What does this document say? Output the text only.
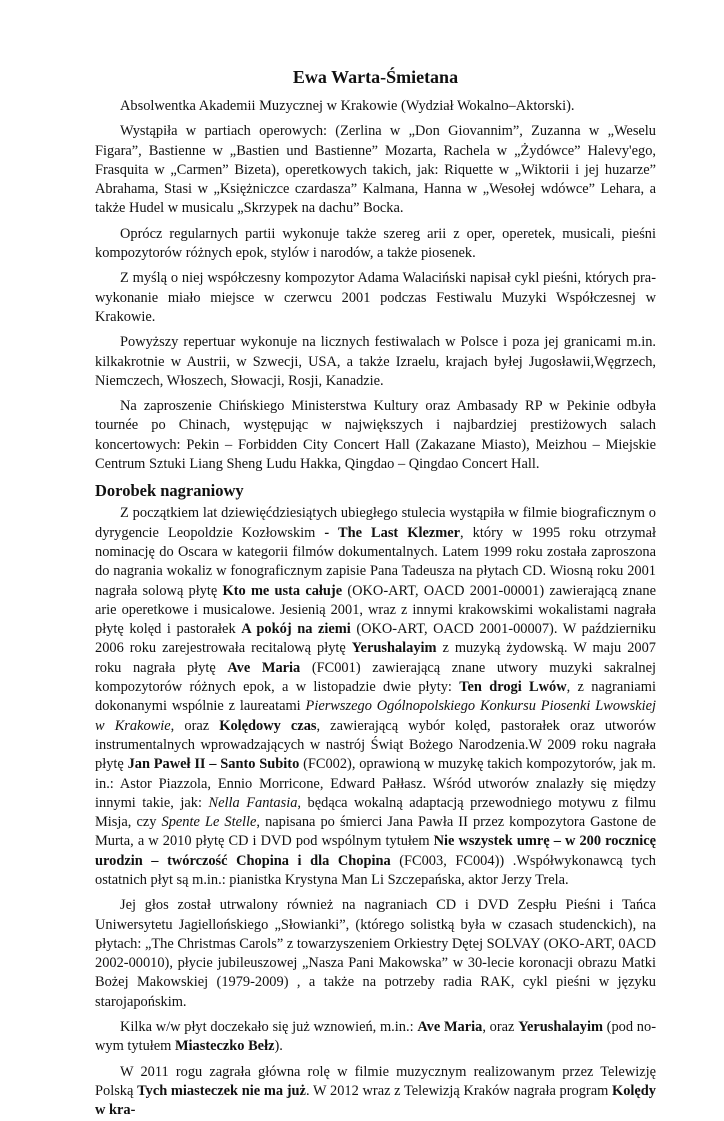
Ewa Warta-Śmietana

Absolwentka Akademii Muzycznej w Krakowie (Wydział Wokalno–Aktorski).

Wystąpiła w partiach operowych: (Zerlina w „Don Giovannim”, Zuzanna w „Weselu Figara”, Bastienne w „Bastien und Bastienne” Mozarta, Rachela w „Żydówce” Halevy'ego, Frasquita w „Carmen” Bizeta), operetkowych takich, jak: Riquette w „Wiktorii i jej huzarze” Abrahama, Stasi w „Księżniczce czardasza” Kalmana, Hanna w „Wesołej wdówce” Lehara, a także Hudel w musicalu „Skrzypek na dachu” Bocka.

Oprócz regularnych partii wykonuje także szereg arii z oper, operetek, musicali, pieśni kompozytorów różnych epok, stylów i narodów, a także piosenek.

Z myślą o niej współczesny kompozytor Adama Walaciński napisał cykl pieśni, których prawykonanie miało miejsce w czerwcu 2001 podczas Festiwalu Muzyki Współczesnej w Krakowie.

Powyższy repertuar wykonuje na licznych festiwalach w Polsce i poza jej granicami m.in. kilkakrotnie w Austrii, w Szwecji, USA, a także Izraelu, krajach byłej Jugosławii,Węgrzech, Niemczech, Włoszech, Słowacji, Rosji, Kanadzie.

Na zaproszenie Chińskiego Ministerstwa Kultury oraz Ambasady RP w Pekinie odbyła tournée po Chinach, występując w największych i najbardziej prestiżowych salach koncertowych: Pekin – Forbidden City Concert Hall (Zakazane Miasto), Meizhou – Miejskie Centrum Sztuki Liang Sheng Ludu Hakka, Qingdao – Qingdao Concert Hall.

Dorobek nagraniowy

Z początkiem lat dziewięćdziesiątych ubiegłego stulecia wystąpiła w filmie biograficznym o dyrygencie Leopoldzie Kozłowskim - The Last Klezmer, który w 1995 roku otrzymał nominację do Oscara w kategorii filmów dokumentalnych. Latem 1999 roku została zaproszona do nagrania wokaliz w fonograficznym zapisie Pana Tadeusza na płytach CD. Wiosną roku 2001 nagrała solową płytę Kto me usta całuje (OKO-ART, OACD 2001-00001) zawierającą znane arie operetkowe i musicalowe. Jesienią 2001, wraz z innymi krakowskimi wokalistami nagrała płytę kolęd i pastorałek A pokój na ziemi (OKO-ART, OACD 2001-00007). W październiku 2006 roku zarejestrowała recitalową płytę Yerushalayim z muzyką żydowską. W maju 2007 roku nagrała płytę Ave Maria (FC001) zawierającą znane utwory muzyki sakralnej kompozytorów różnych epok, a w listopadzie dwie płyty: Ten drogi Lwów, z nagraniami dokonanymi wspólnie z laureatami Pierwszego Ogólnopolskiego Konkursu Piosenki Lwowskiej w Krakowie, oraz Kolędowy czas, zawierającą wybór kolęd, pastorałek oraz utworów instrumentalnych wprowadzających w nastrój Świąt Bożego Narodzenia.W 2009 roku nagrała płytę Jan Paweł II – Santo Subito (FC002), oprawioną w muzykę takich kompozytorów, jak m. in.: Astor Piazzola, Ennio Morricone, Edward Pałłasz. Wśród utworów znalazły się między innymi takie, jak: Nella Fantasia, będąca wokalną adaptacją przewodniego motywu z filmu Misja, czy Spente Le Stelle, napisana po śmierci Jana Pawła II przez kompozytora Gastone de Murta, a w 2010 płytę CD i DVD pod wspólnym tytułem Nie wszystek umrę – w 200 rocznicę urodzin – twórczość Chopina i dla Chopina (FC003, FC004)) .Współwykonawcą tych ostatnich płyt są m.in.: pianistka Krystyna Man Li Szczepańska, aktor Jerzy Trela.

Jej głos został utrwalony również na nagraniach CD i DVD Zespłu Pieśni i Tańca Uniwersytetu Jagiellońskiego „Słowianki”, (którego solistką była w czasach studenckich), na płytach: „The Christmas Carols” z towarzyszeniem Orkiestry Dętej SOLVAY (OKO-ART, 0ACD 2002-00010), płycie jubileuszowej „Nasza Pani Makowska” w 30-lecie koronacji obrazu Matki Bożej Makowskiej (1979-2009) , a także na potrzeby radia RAK, cykl pieśni w języku starojapońskim.

Kilka w/w płyt doczekało się już wznowień, m.in.: Ave Maria, oraz Yerushalayim (pod nowym tytułem Miasteczko Bełz).

W 2011 rogu zagrała główna rolę w filmie muzycznym realizowanym przez Telewizję Polską Tych miasteczek nie ma już. W 2012 wraz z Telewizją Kraków nagrała program Kolędy w kra-
